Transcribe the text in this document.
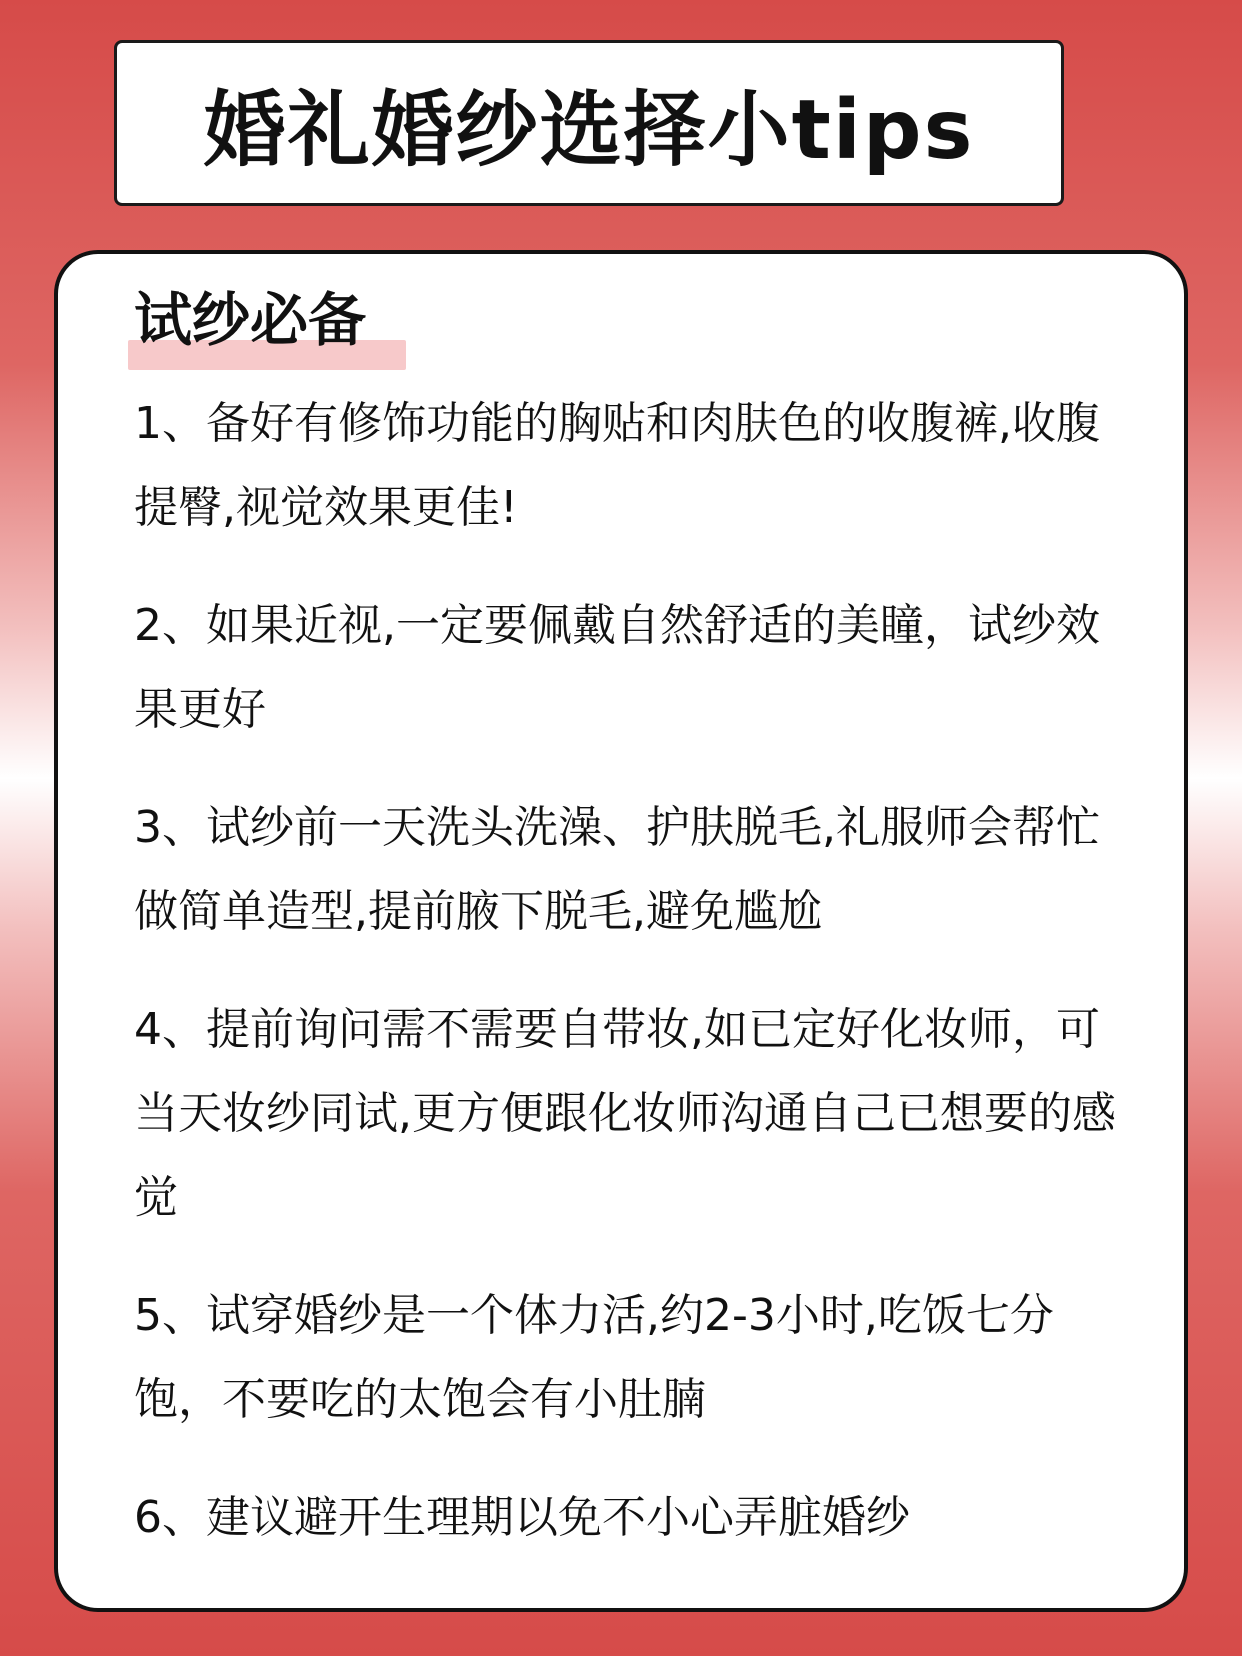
婚礼婚纱选择小tips
试纱必备

1、备好有修饰功能的胸贴和肉肤色的收腹裤,收腹提臀,视觉效果更佳!

2、如果近视,一定要佩戴自然舒适的美瞳，试纱效果更好

3、试纱前一天洗头洗澡、护肤脱毛,礼服师会帮忙做简单造型,提前腋下脱毛,避免尴尬

4、提前询问需不需要自带妆,如已定好化妆师，可当天妆纱同试,更方便跟化妆师沟通自己已想要的感觉

5、试穿婚纱是一个体力活,约2-3小时,吃饭七分饱，不要吃的太饱会有小肚腩

6、建议避开生理期以免不小心弄脏婚纱
